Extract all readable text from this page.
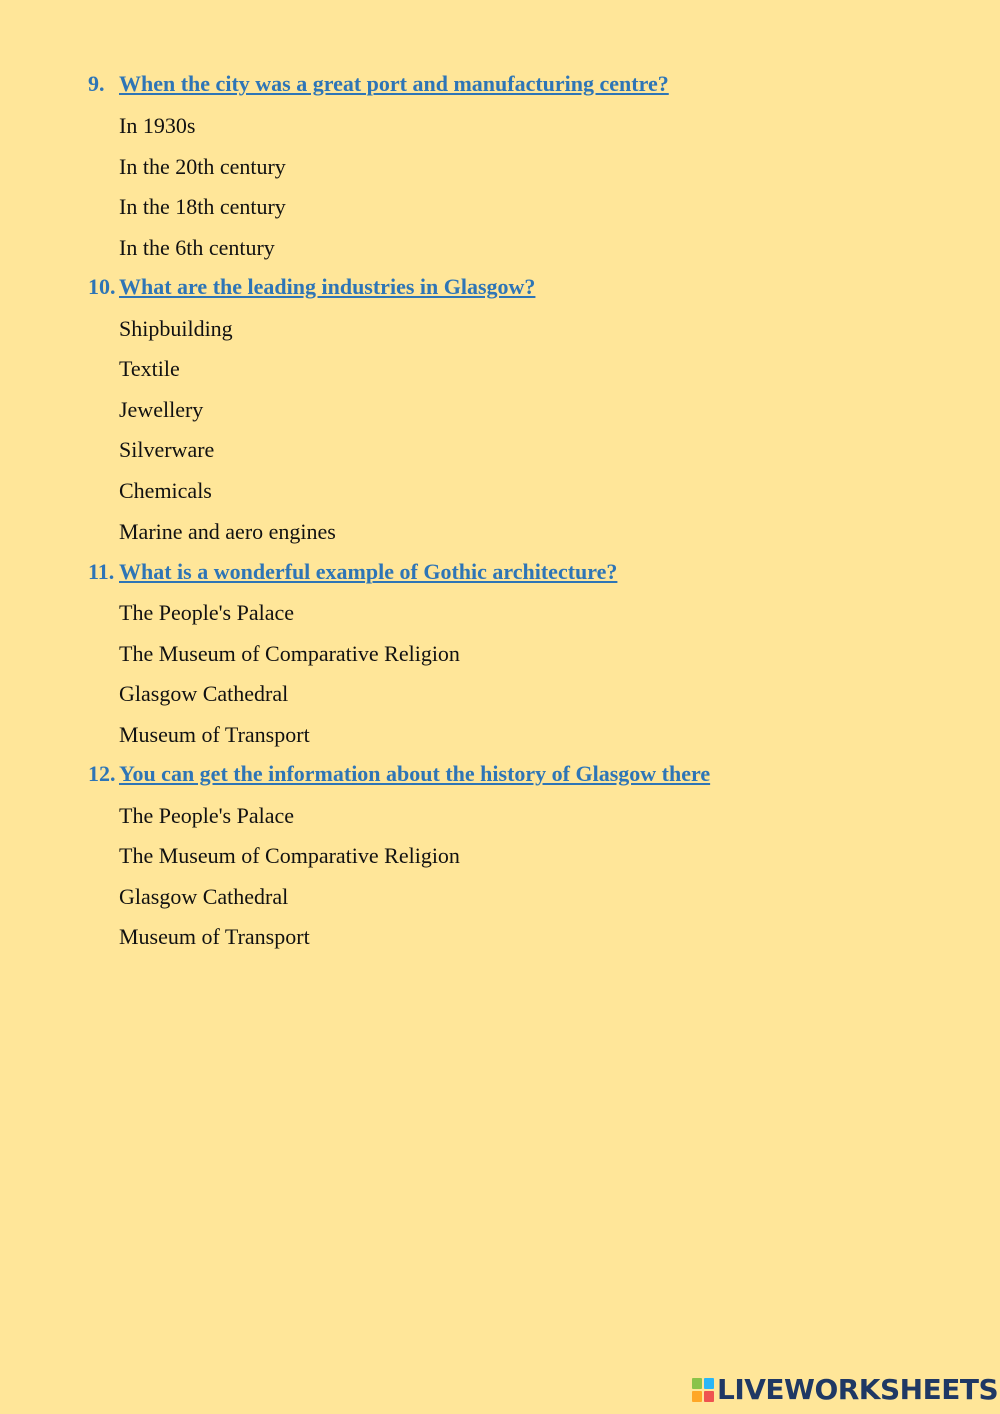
9. When the city was a great port and manufacturing centre?
In 1930s
In the 20th century
In the 18th century
In the 6th century
10. What are the leading industries in Glasgow?
Shipbuilding
Textile
Jewellery
Silverware
Chemicals
Marine and aero engines
11. What is a wonderful example of Gothic architecture?
The People's Palace
The Museum of Comparative Religion
Glasgow Cathedral
Museum of Transport
12. You can get the information about the history of Glasgow there
The People's Palace
The Museum of Comparative Religion
Glasgow Cathedral
Museum of Transport
LIVEWORKSHEETS
